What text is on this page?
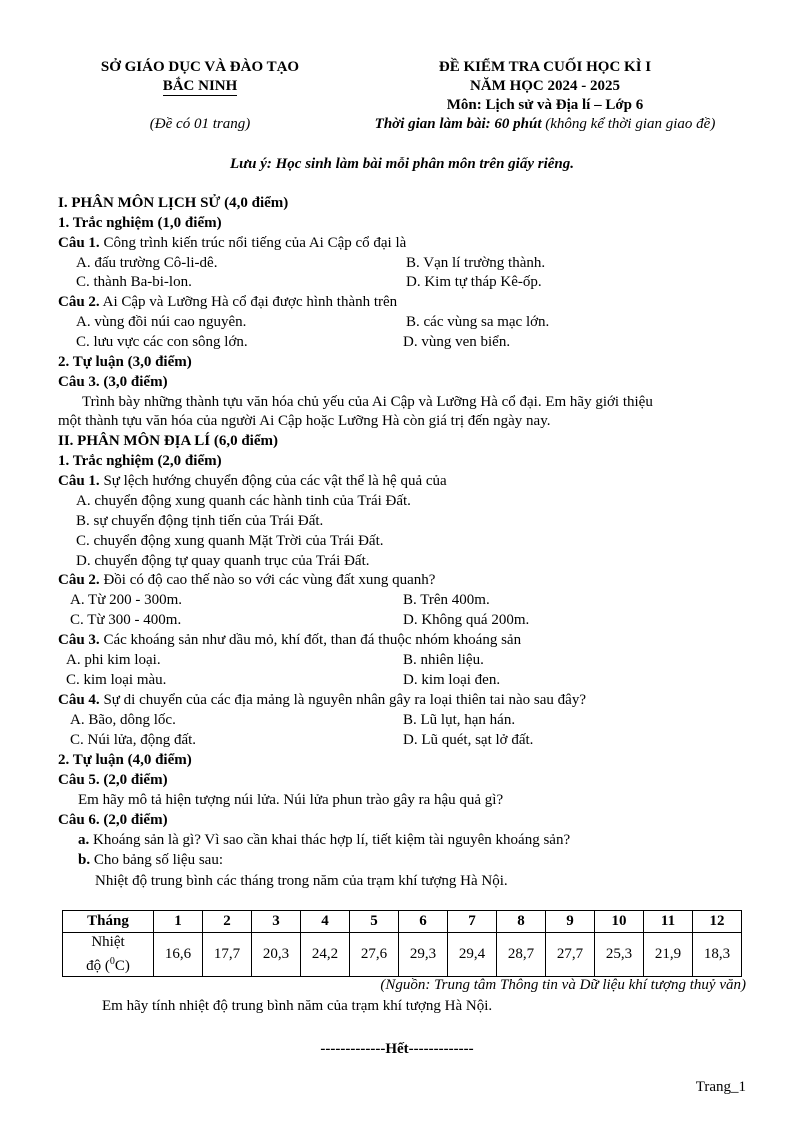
SỞ GIÁO DỤC VÀ ĐÀO TẠO
BẮC NINH
(Đề có 01 trang)
ĐỀ KIỂM TRA CUỐI HỌC KÌ I
NĂM HỌC 2024 - 2025
Môn: Lịch sử và Địa lí – Lớp 6
Thời gian làm bài: 60 phút (không kể thời gian giao đề)
Lưu ý: Học sinh làm bài mỗi phân môn trên giấy riêng.
I. PHÂN MÔN LỊCH SỬ (4,0 điểm)
1. Trắc nghiệm (1,0 điểm)
Câu 1. Công trình kiến trúc nổi tiếng của Ai Cập cổ đại là
A. đấu trường Cô-li-dê.	B. Vạn lí trường thành.
C. thành Ba-bi-lon.	D. Kim tự tháp Kê-ốp.
Câu 2. Ai Cập và Lưỡng Hà cổ đại được hình thành trên
A. vùng đồi núi cao nguyên.	B. các vùng sa mạc lớn.
C. lưu vực các con sông lớn.	D. vùng ven biển.
2. Tự luận (3,0 điểm)
Câu 3. (3,0 điểm)
Trình bày những thành tựu văn hóa chủ yếu của Ai Cập và Lưỡng Hà cổ đại. Em hãy giới thiệu
một thành tựu văn hóa của người Ai Cập hoặc Lưỡng Hà còn giá trị đến ngày nay.
II. PHÂN MÔN ĐỊA LÍ (6,0 điểm)
1. Trắc nghiệm (2,0 điểm)
Câu 1. Sự lệch hướng chuyển động của các vật thể là hệ quả của
A. chuyển động xung quanh các hành tinh của Trái Đất.
B. sự chuyển động tịnh tiến của Trái Đất.
C. chuyển động xung quanh Mặt Trời của Trái Đất.
D. chuyển động tự quay quanh trục của Trái Đất.
Câu 2. Đồi có độ cao thế nào so với các vùng đất xung quanh?
A. Từ 200 - 300m.	B. Trên 400m.
C. Từ 300 - 400m.	D. Không quá 200m.
Câu 3. Các khoáng sản như dầu mỏ, khí đốt, than đá thuộc nhóm khoáng sản
A. phi kim loại.	B. nhiên liệu.
C. kim loại màu.	D. kim loại đen.
Câu 4. Sự di chuyển của các địa mảng là nguyên nhân gây ra loại thiên tai nào sau đây?
A. Bão, dông lốc.	B. Lũ lụt, hạn hán.
C. Núi lửa, động đất.	D. Lũ quét, sạt lở đất.
2. Tự luận (4,0 điểm)
Câu 5. (2,0 điểm)
Em hãy mô tả hiện tượng núi lửa. Núi lửa phun trào gây ra hậu quả gì?
Câu 6. (2,0 điểm)
a. Khoáng sản là gì? Vì sao cần khai thác hợp lí, tiết kiệm tài nguyên khoáng sản?
b. Cho bảng số liệu sau:
Nhiệt độ trung bình các tháng trong năm của trạm khí tượng Hà Nội.
Tháng	1	2	3	4	5	6	7	8	9	10	11	12
Nhiệt
độ ($^0$C)	16,6	17,7	20,3	24,2	27,6	29,3	29,4	28,7	27,7	25,3	21,9	18,3
(Nguồn: Trung tâm Thông tin và Dữ liệu khí tượng thuỷ văn)
Em hãy tính nhiệt độ trung bình năm của trạm khí tượng Hà Nội.
-------------Hết-------------
Trang_1
